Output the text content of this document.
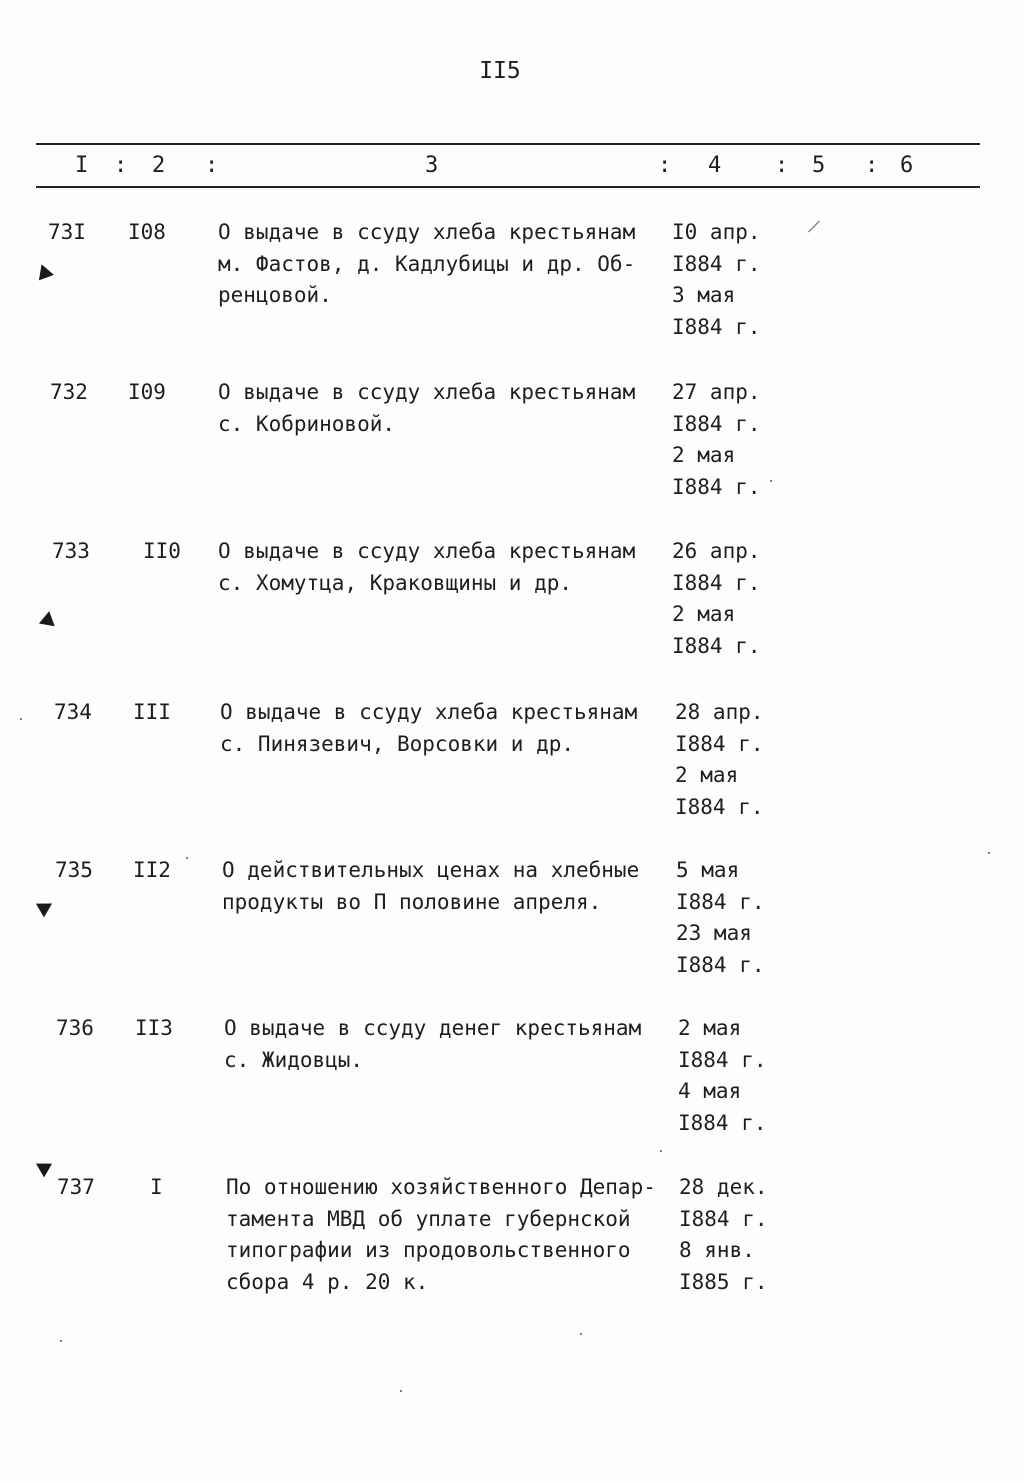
II5
I : 2 :	3	: 4 : 5 : 6
73I I08 О выдаче в ссуду хлеба крестьянам
м. Фастов, д. Кадлубицы и др. Об-
ренцовой.
I0 апр.
I884 г.
3 мая
I884 г.
732 I09 О выдаче в ссуду хлеба крестьянам
с. Кобриновой.
27 апр.
I884 г.
2 мая
I884 г.
733	II0 О выдаче в ссуду хлеба крестьянам
с. Хомутца, Краковщины и др.
26 апр.
I884 г.
2 мая
I884 г.
734 III О выдаче в ссуду хлеба крестьянам
с. Пинязевич, Ворсовки и др.
28 апр.
I884 г.
2 мая
I884 г.
735 II2 О действительных ценах на хлебные
продукты во П половине апреля.
5 мая
I884 г.
23 мая
I884 г.
736 II3 О выдаче в ссуду денег крестьянам
с. Жидовцы.
2 мая
I884 г.
4 мая
I884 г.
737	I	По отношению хозяйственного Депар-
тамента МВД об уплате губернской
типографии из продовольственного
сбора 4 р. 20 к.
28 дек.
I884 г.
8 янв.
I885 г.
